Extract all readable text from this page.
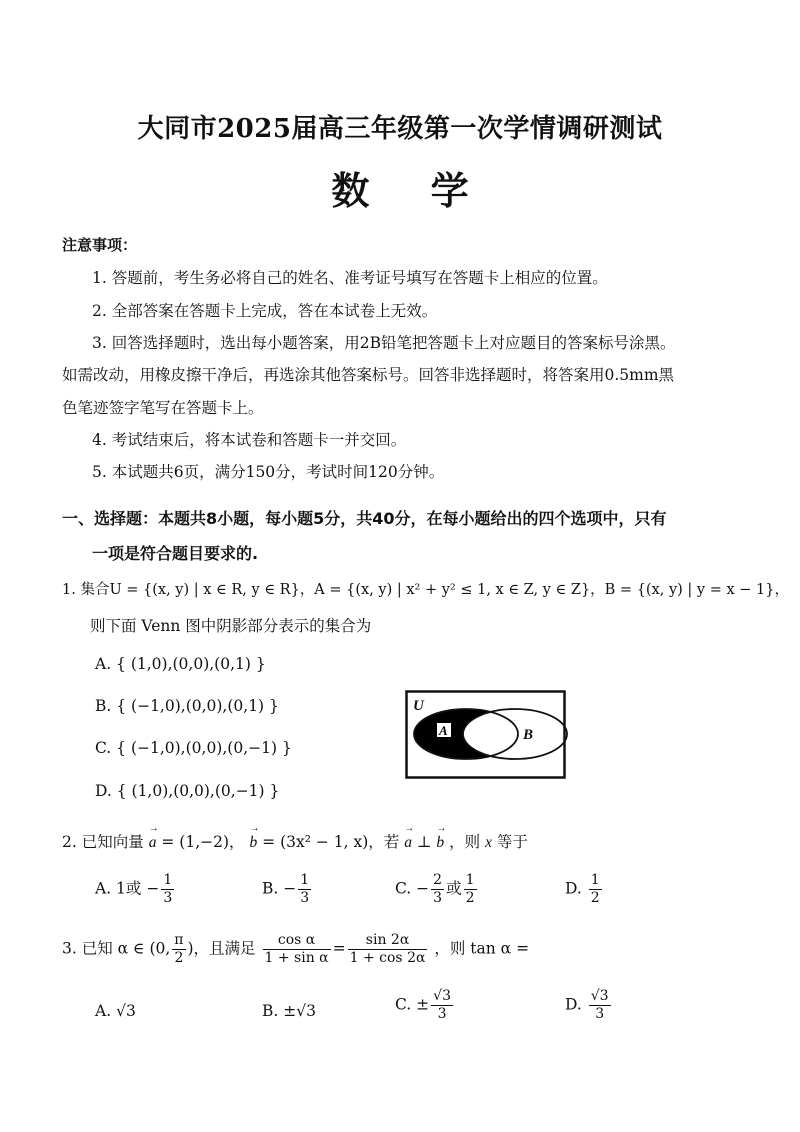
大同市2025届高三年级第一次学情调研测试
数 学
注意事项：
1. 答题前，考生务必将自己的姓名、准考证号填写在答题卡上相应的位置。
2. 全部答案在答题卡上完成，答在本试卷上无效。
3. 回答选择题时，选出每小题答案，用2B铅笔把答题卡上对应题目的答案标号涂黑。
如需改动，用橡皮擦干净后，再选涂其他答案标号。回答非选择题时，将答案用0.5mm黑
色笔迹签字笔写在答题卡上。
4. 考试结束后，将本试卷和答题卡一并交回。
5. 本试题共6页，满分150分，考试时间120分钟。
一、选择题：本题共8小题，每小题5分，共40分，在每小题给出的四个选项中，只有
一项是符合题目要求的.
1. 集合U = {(x, y) | x ∈ R, y ∈ R}，A = {(x, y) | x² + y² ≤ 1, x ∈ Z, y ∈ Z}，B = {(x, y) | y = x − 1}，
则下面 Venn 图中阴影部分表示的集合为
A. { (1,0),(0,0),(0,1) }
B. { (−1,0),(0,0),(0,1) }
C. { (−1,0),(0,0),(0,−1) }
D. { (1,0),(0,0),(0,−1) }
U
A	B
2. 已知向量 → a = (1,−2)， → b = (3x² − 1, x)，若 → a ⊥ → b ，则 x 等于
A. 1或 − $\frac{1}{3}$	B. − $\frac{1}{3}$	C. − $\frac{2}{3}$ 或 $\frac{1}{2}$	D. $\frac{1}{2}$
3. 已知 α ∈ (0, $\frac{\pi}{2}$ )，且满足 $\frac{\text{cos α}}{\text{1 + sin α}} = \frac{\sin 2\alpha}{1 + \cos 2\alpha}$ ，则 tan α =
A. √3	B. ±√3	C. ± $\frac{√3}{3}$	D. $\frac{√3}{3}$
